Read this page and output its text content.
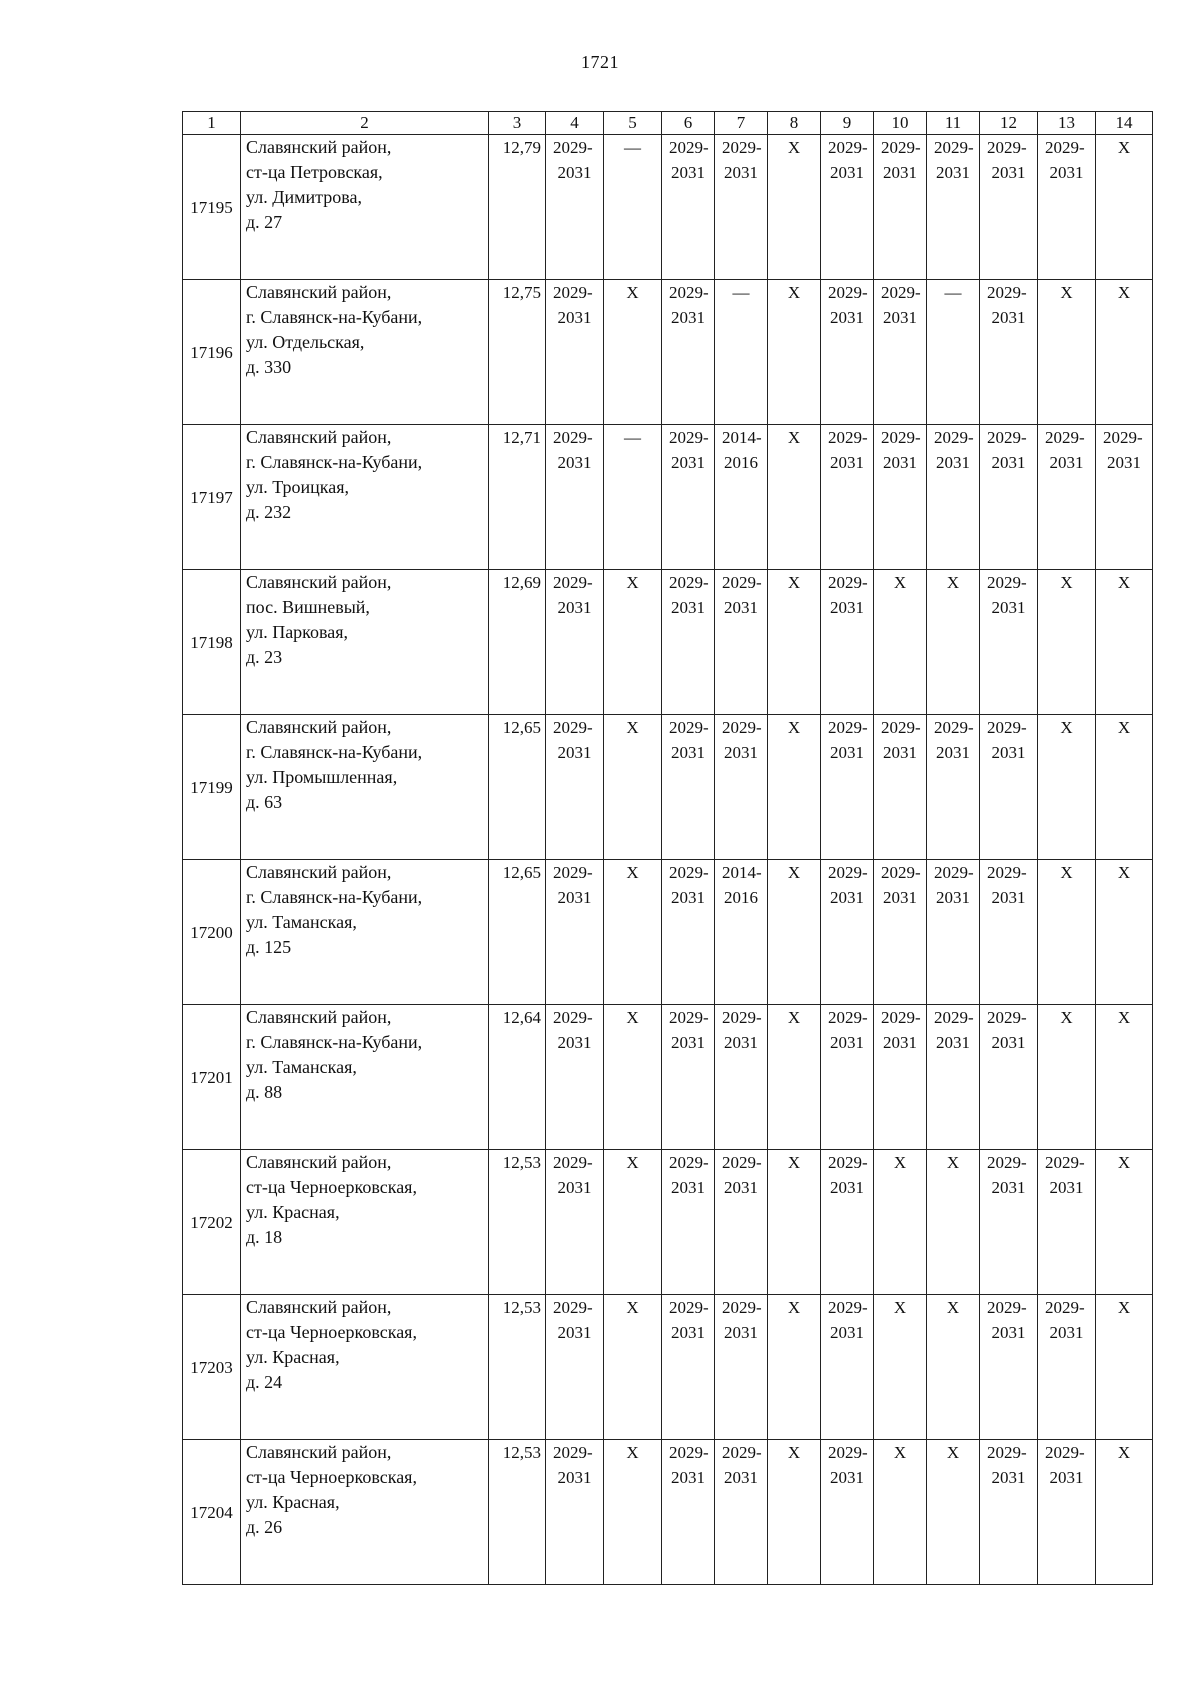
1721
1	2	3	4	5	6	7	8	9	10	11	12	13	14
17195	Славянский район,
ст-ца Петровская,
ул. Димитрова,
д. 27	12,79	2029-
2031	—	2029-
2031	2029-
2031	X	2029-
2031	2029-
2031	2029-
2031	2029-
2031	2029-
2031	X
17196	Славянский район,
г. Славянск-на-Кубани,
ул. Отдельская,
д. 330	12,75	2029-
2031	X	2029-
2031	—	X	2029-
2031	2029-
2031	—	2029-
2031	X	X
17197	Славянский район,
г. Славянск-на-Кубани,
ул. Троицкая,
д. 232	12,71	2029-
2031	—	2029-
2031	2014-
2016	X	2029-
2031	2029-
2031	2029-
2031	2029-
2031	2029-
2031	2029-
2031

17198	Славянский район,
пос. Вишневый,
ул. Парковая,
д. 23	12,69	2029-
2031	X	2029-
2031	2029-
2031	X	2029-
2031	X	X	2029-
2031	X	X
17199	Славянский район,
г. Славянск-на-Кубани,
ул. Промышленная,
д. 63	12,65	2029-
2031	X	2029-
2031	2029-
2031	X	2029-
2031	2029-
2031	2029-
2031	2029-
2031	X	X
17200	Славянский район,
г. Славянск-на-Кубани,
ул. Таманская,
д. 125	12,65	2029-
2031	X	2029-
2031	2014-
2016	X	2029-
2031	2029-
2031	2029-
2031	2029-
2031	X	X
17201	Славянский район,
г. Славянск-на-Кубани,
ул. Таманская,
д. 88	12,64	2029-
2031	X	2029-
2031	2029-
2031	X	2029-
2031	2029-
2031	2029-
2031	2029-
2031	X	X
17202	Славянский район,
ст-ца Черноерковская,
ул. Красная,
д. 18	12,53	2029-
2031	X	2029-
2031	2029-
2031	X	2029-
2031	X	X	2029-
2031	2029-
2031	X
17203	Славянский район,
ст-ца Черноерковская,
ул. Красная,
д. 24	12,53	2029-
2031	X	2029-
2031	2029-
2031	X	2029-
2031	X	X	2029-
2031	2029-
2031	X
17204	Славянский район,
ст-ца Черноерковская,
ул. Красная,
д. 26	12,53	2029-
2031	X	2029-
2031	2029-
2031	X	2029-
2031	X	X	2029-
2031	2029-
2031	X
